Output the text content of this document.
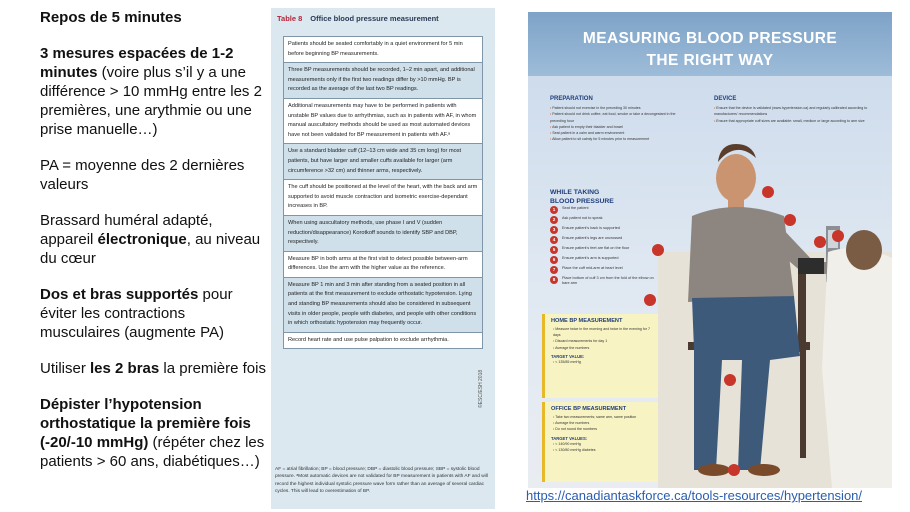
Repos de 5 minutes

3 mesures espacées de 1-2 minutes (voire plus s’il y a une différence > 10 mmHg entre les 2 premières, une arythmie ou une prise manuelle…)

PA = moyenne des 2 dernières valeurs

Brassard huméral adapté, appareil électronique, au niveau du cœur

Dos et bras supportés pour éviter les contractions musculaires (augmente PA)

Utiliser les 2 bras la première fois

Dépister l’hypotension orthostatique la première fois (-20/-10 mmHg) (répéter chez les patients > 60 ans, diabétiques…)

Table 8 Office blood pressure measurement
Patients should be seated comfortably in a quiet environment for 5 min before beginning BP measurements.
Three BP measurements should be recorded, 1–2 min apart, and additional measurements only if the first two readings differ by >10 mmHg. BP is recorded as the average of the last two BP readings.
Additional measurements may have to be performed in patients with unstable BP values due to arrhythmias, such as in patients with AF, in whom manual auscultatory methods should be used as most automated devices have not been validated for BP measurement in patients with AF.ᵃ
Use a standard bladder cuff (12–13 cm wide and 35 cm long) for most patients, but have larger and smaller cuffs available for larger (arm circumference >32 cm) and thinner arms, respectively.
The cuff should be positioned at the level of the heart, with the back and arm supported to avoid muscle contraction and isometric exercise-dependant increases in BP.
When using auscultatory methods, use phase I and V (sudden reduction/disappearance) Korotkoff sounds to identify SBP and DBP, respectively.
Measure BP in both arms at the first visit to detect possible between-arm differences. Use the arm with the higher value as the reference.
Measure BP 1 min and 3 min after standing from a seated position in all patients at the first measurement to exclude orthostatic hypotension. Lying and standing BP measurements should also be considered in subsequent visits in older people, people with diabetes, and people with other conditions in which orthostatic hypotension may frequently occur.
Record heart rate and use pulse palpation to exclude arrhythmia.
©ESC/ESH 2018
AF = atrial fibrillation; BP = blood pressure; DBP = diastolic blood pressure; SBP = systolic blood pressure. ᵃMost automatic devices are not validated for BP measurement in patients with AF and will record the highest individual systolic pressure wave form rather than an average of several cardiac cycles. This will lead to overestimation of BP.
MEASURING BLOOD PRESSURE
THE RIGHT WAY
PREPARATION
• Patient should not exercise in the preceding 30 minutes
• Patient should not drink coffee, eat food, smoke or take a decongestant in the preceding hour
• Ask patient to empty their bladder and bowel
• Seat patient in a calm and warm environment
• Allow patient to sit calmly for 5 minutes prior to measurement
DEVICE
• Ensure that the device is validated (www.hypertension.ca) and regularly calibrated according to manufacturers’ recommendations
• Ensure that appropriate cuff sizes are available: small, medium or large according to arm size
WHILE TAKING
BLOOD PRESSURE
1	Seat the patient
2	Ask patient not to speak
3	Ensure patient’s back is supported
4	Ensure patient’s legs are uncrossed
5	Ensure patient’s feet are flat on the floor
6	Ensure patient’s arm is supported
7	Place the cuff mid-arm at heart level
8	Place bottom of cuff 3 cm from the fold of the elbow on bare arm
HOME BP MEASUREMENT
• Measure twice in the morning and twice in the evening for 7 days
• Discard measurements for day 1
• Average the numbers
TARGET VALUE:
• < 135/85 mmHg
OFFICE BP MEASUREMENT
• Take two measurements; same arm, same position
• Average the numbers
• Do not round the numbers
TARGET VALUES:
• < 140/90 mmHg
• < 130/80 mmHg diabetes
https://canadiantaskforce.ca/tools-resources/hypertension/
